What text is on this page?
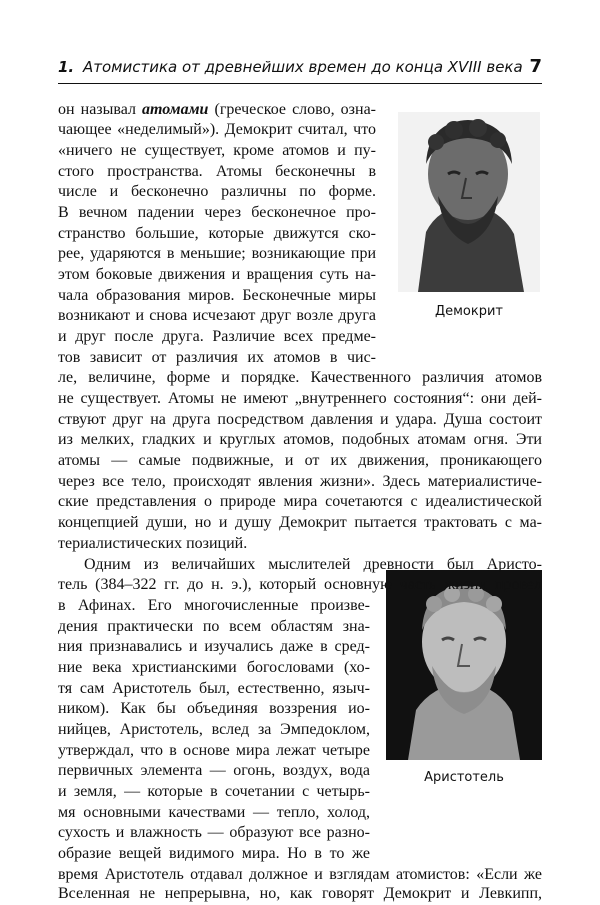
1. Атомистика от древнейших времен до конца XVIII века 7
Демокрит
Аристотель
он называл атомами (греческое слово, озна-
чающее «неделимый»). Демокрит считал, что
«ничего не существует, кроме атомов и пу-
стого пространства. Атомы бесконечны в
числе и бесконечно различны по форме.
В вечном падении через бесконечное про-
странство большие, которые движутся ско-
рее, ударяются в меньшие; возникающие при
этом боковые движения и вращения суть на-
чала образования миров. Бесконечные миры
возникают и снова исчезают друг возле друга
и друг после друга. Различие всех предме-
тов зависит от различия их атомов в чис-
ле, величине, форме и порядке. Качественного различия атомов
не существует. Атомы не имеют „внутреннего состояния“: они дей-
ствуют друг на друга посредством давления и удара. Душа состоит
из мелких, гладких и круглых атомов, подобных атомам огня. Эти
атомы — самые подвижные, и от их движения, проникающего
через все тело, происходят явления жизни». Здесь материалистиче-
ские представления о природе мира сочетаются с идеалистической
концепцией души, но и душу Демокрит пытается трактовать с ма-
териалистических позиций.
Одним из величайших мыслителей древности был Аристо-
тель (384–322 гг. до н. э.), который основную часть жизни провел
в Афинах. Его многочисленные произве-
дения практически по всем областям зна-
ния признавались и изучались даже в сред-
ние века христианскими богословами (хо-
тя сам Аристотель был, естественно, языч-
ником). Как бы объединяя воззрения ио-
нийцев, Аристотель, вслед за Эмпедоклом,
утверждал, что в основе мира лежат четыре
первичных элемента — огонь, воздух, вода
и земля, — которые в сочетании с четырь-
мя основными качествами — тепло, холод,
сухость и влажность — образуют все разно-
образие вещей видимого мира. Но в то же
время Аристотель отдавал должное и взглядам атомистов: «Если же
Вселенная не непрерывна, но, как говорят Демокрит и Левкипп,
